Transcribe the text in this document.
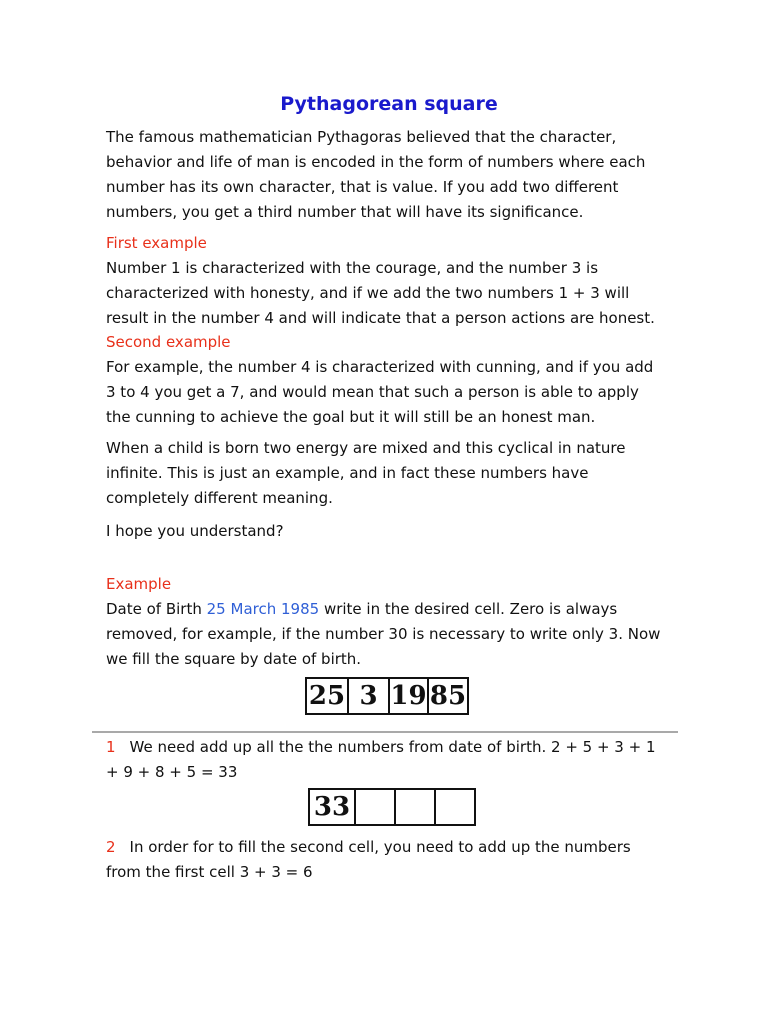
Pythagorean square
The famous mathematician Pythagoras believed that the character,
behavior and life of man is encoded in the form of numbers where each
number has its own character, that is value. If you add two different
numbers, you get a third number that will have its significance.
First example
Number 1 is characterized with the courage, and the number 3 is
characterized with honesty, and if we add the two numbers 1 + 3 will
result in the number 4 and will indicate that a person actions are honest.
Second example
For example, the number 4 is characterized with cunning, and if you add
3 to 4 you get a 7, and would mean that such a person is able to apply
the cunning to achieve the goal but it will still be an honest man.
When a child is born two energy are mixed and this cyclical in nature
infinite. This is just an example, and in fact these numbers have
completely different meaning.
I hope you understand?
Example
Date of Birth 25 March 1985 write in the desired cell. Zero is always
removed, for example, if the number 30 is necessary to write only 3. Now
we fill the square by date of birth.
25 3 19 85
1 We need add up all the the numbers from date of birth. 2 + 5 + 3 + 1
+ 9 + 8 + 5 = 33
33
2 In order for to fill the second cell, you need to add up the numbers
from the first cell 3 + 3 = 6
